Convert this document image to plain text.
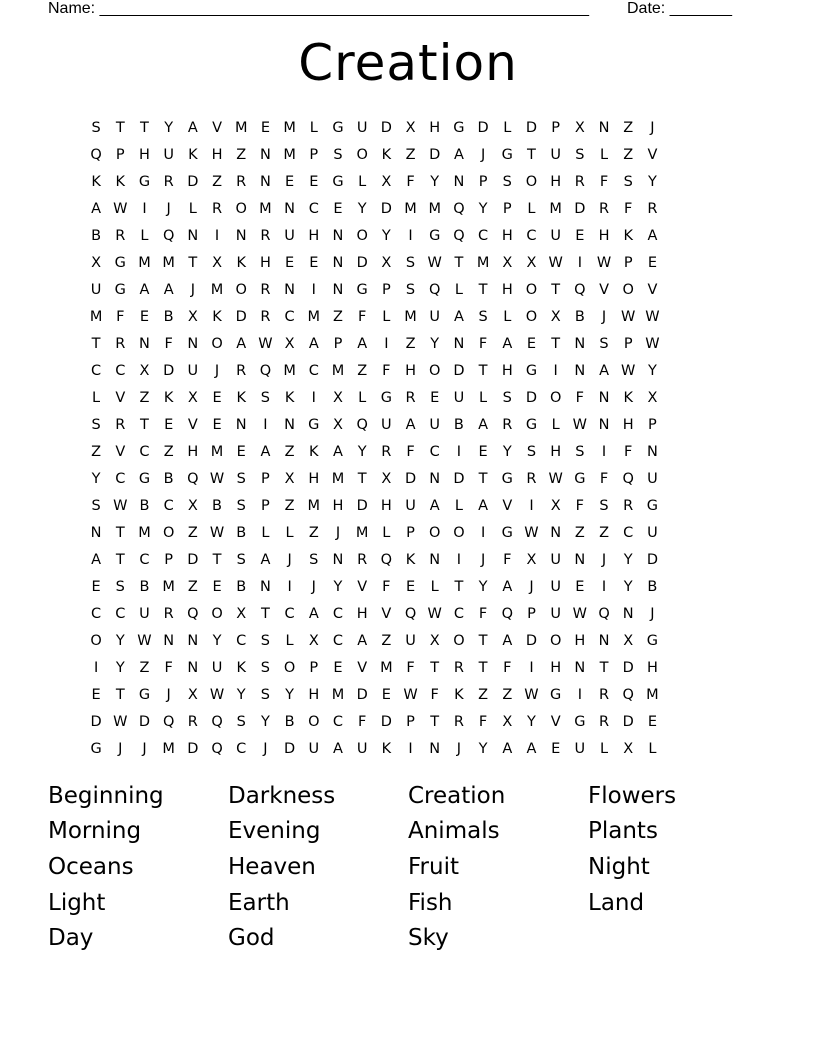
Name: _______________________________________________________ Date: _______
Creation
S	T	T	Y	A V M E M L	G U D X H G D	L	D P	X N Z	J
Q P H U K H Z N M P	S O K Z D A	J	G T U S	L	Z V
K	K G R D Z R N E	E G	L	X	F	Y N P	S O H R	F	S	Y
A W	I	J	L	R O M N C	E	Y D M M Q Y	P	L M D R	F	R
B R	L Q N	I	N R U H N O Y	I	G Q C H C U E H K A
X G M M T	X K H E	E N D X	S W T M X X W	I	W P	E
U G A A	J	M O R N	I	N G P	S Q L	T H O T Q V O V
M F	E	B X K D R C M Z	F	L M U A	S	L O X B	J	W W
T	R N	F	N O A W X A	P	A	I	Z	Y N	F	A	E	T N S	P W
C C X D U	J	R Q M C M Z	F	H O D T H G	I	N A W Y
L	V Z K X	E	K	S	K	I	X	L	G R	E U	L	S D O F	N K X
S	R	T	E	V	E N	I	N G X Q U A U B A R G	L W N H P
Z V C Z H M E	A Z K A	Y	R	F	C	I	E	Y	S H S	I	F	N
Y	C G B Q W S	P	X H M T	X D N D T G R W G F Q U
S W B C X B	S	P	Z M H D H U A	L	A V	I	X	F	S	R G
N T M O Z W B	L	L	Z	J	M L	P O O	I	G W N Z Z C U
A	T	C	P D T	S	A	J	S N R Q K N	I	J	F	X U N	J	Y D
E	S	B M Z	E	B N	I	J	Y	V	F	E	L	T	Y	A	J	U E	I	Y	B
C C U R Q O X	T	C A C H V Q W C	F Q P	U W Q N	J
O Y W N N Y	C	S	L	X C A Z U X O T	A D O H N X G
I	Y	Z	F	N U K	S O P	E	V M F	T	R	T	F	I	H N T D H
E	T G	J	X W Y	S	Y H M D E W F	K Z Z W G	I	R Q M
D W D Q R Q S	Y	B O C	F D P	T	R	F	X	Y	V G R D E
G	J	J	M D Q C	J	D U A U K	I	N	J	Y	A A	E U	L	X	L
Beginning	Darkness	Creation	Flowers
Morning	Evening	Animals	Plants
Oceans	Heaven	Fruit	Night
Light	Earth	Fish	Land
Day	God	Sky
